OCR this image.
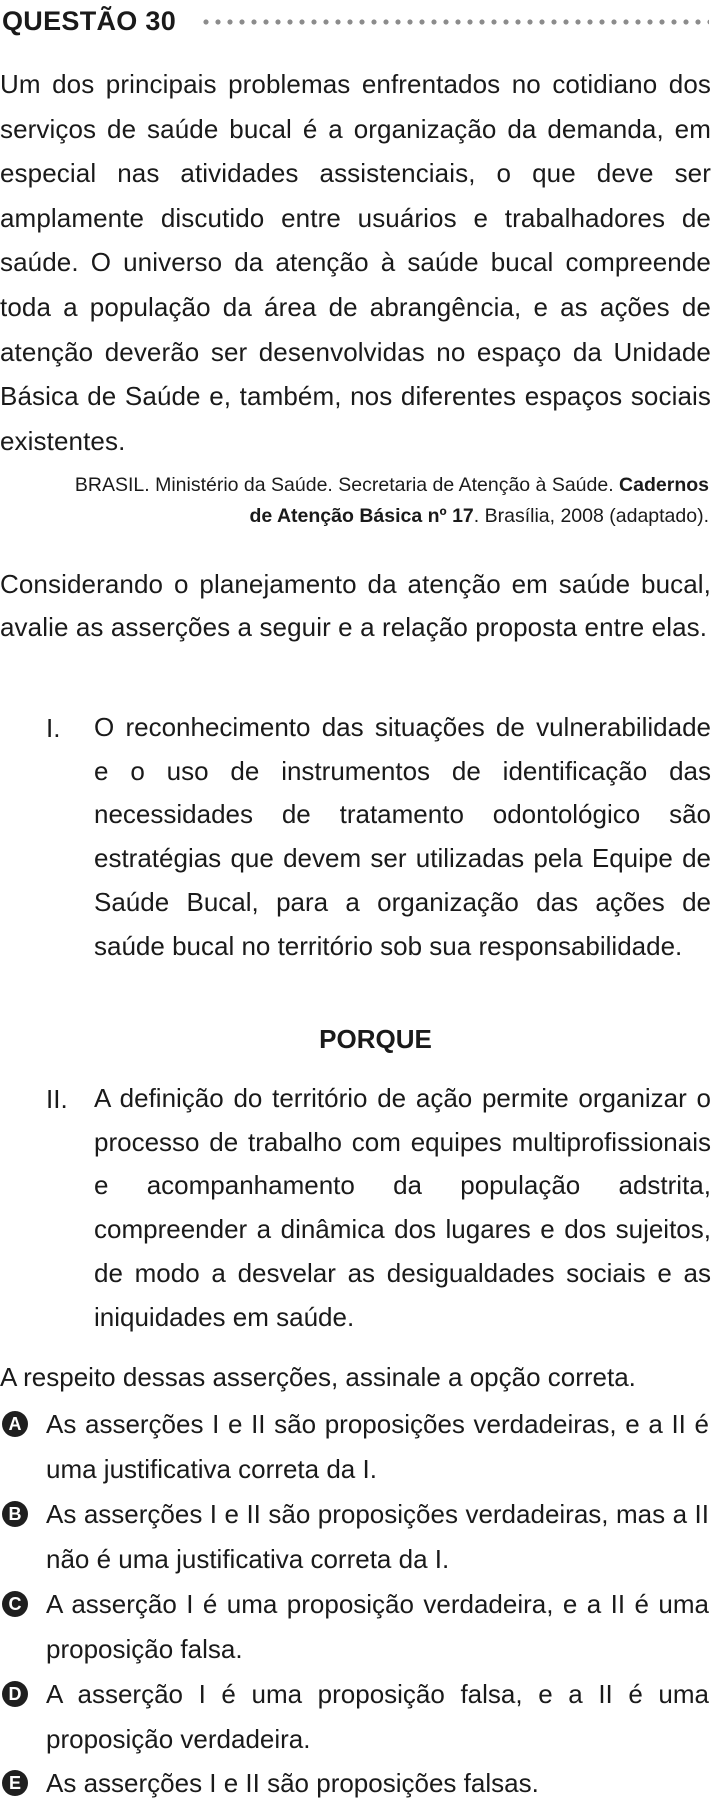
QUESTÃO 30

Um dos principais problemas enfrentados no cotidiano dos serviços de saúde bucal é a organização da demanda, em especial nas atividades assistenciais, o que deve ser amplamente discutido entre usuários e trabalhadores de saúde. O universo da atenção à saúde bucal compreende toda a população da área de abrangência, e as ações de atenção deverão ser desenvolvidas no espaço da Unidade Básica de Saúde e, também, nos diferentes espaços sociais existentes.

BRASIL. Ministério da Saúde. Secretaria de Atenção à Saúde. Cadernos
de Atenção Básica nº 17. Brasília, 2008 (adaptado).

Considerando o planejamento da atenção em saúde bucal, avalie as asserções a seguir e a relação proposta entre elas.

I. O reconhecimento das situações de vulnerabilidade e o uso de instrumentos de identificação das necessidades de tratamento odontológico são estratégias que devem ser utilizadas pela Equipe de Saúde Bucal, para a organização das ações de saúde bucal no território sob sua responsabilidade.

PORQUE
II. A definição do território de ação permite organizar o processo de trabalho com equipes multiprofissionais e acompanhamento da população adstrita, compreender a dinâmica dos lugares e dos sujeitos, de modo a desvelar as desigualdades sociais e as iniquidades em saúde.

A respeito dessas asserções, assinale a opção correta.

A As asserções I e II são proposições verdadeiras, e a II é uma justificativa correta da I.

B As asserções I e II são proposições verdadeiras, mas a II não é uma justificativa correta da I.

C A asserção I é uma proposição verdadeira, e a II é uma proposição falsa.

D A asserção I é uma proposição falsa, e a II é uma proposição verdadeira.

E As asserções I e II são proposições falsas.
